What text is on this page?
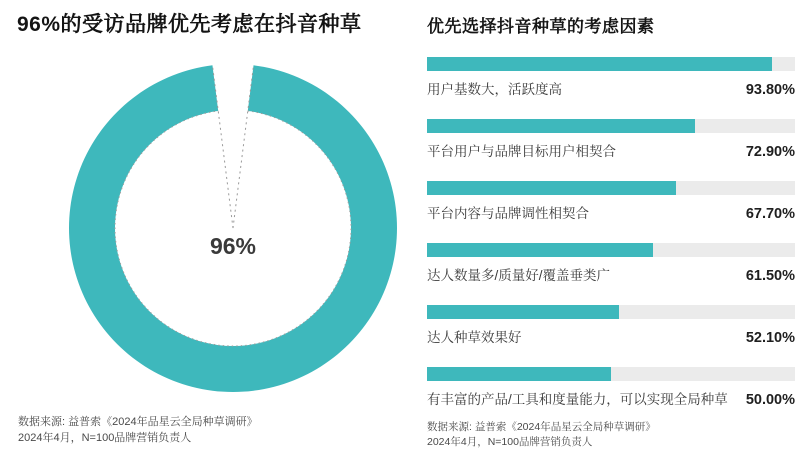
96%的受访品牌优先考虑在抖音种草
96%
数据来源: 益普索《2024年品星云全局种草调研》
2024年4月，N=100品牌营销负责人
优先选择抖音种草的考虑因素
用户基数大，活跃度高	93.80%
平台用户与品牌目标用户相契合	72.90%
平台内容与品牌调性相契合	67.70%
达人数量多/质量好/覆盖垂类广	61.50%
达人种草效果好	52.10%
有丰富的产品/工具和度量能力，可以实现全局种草 50.00%
数据来源: 益普索《2024年品星云全局种草调研》
2024年4月，N=100品牌营销负责人
